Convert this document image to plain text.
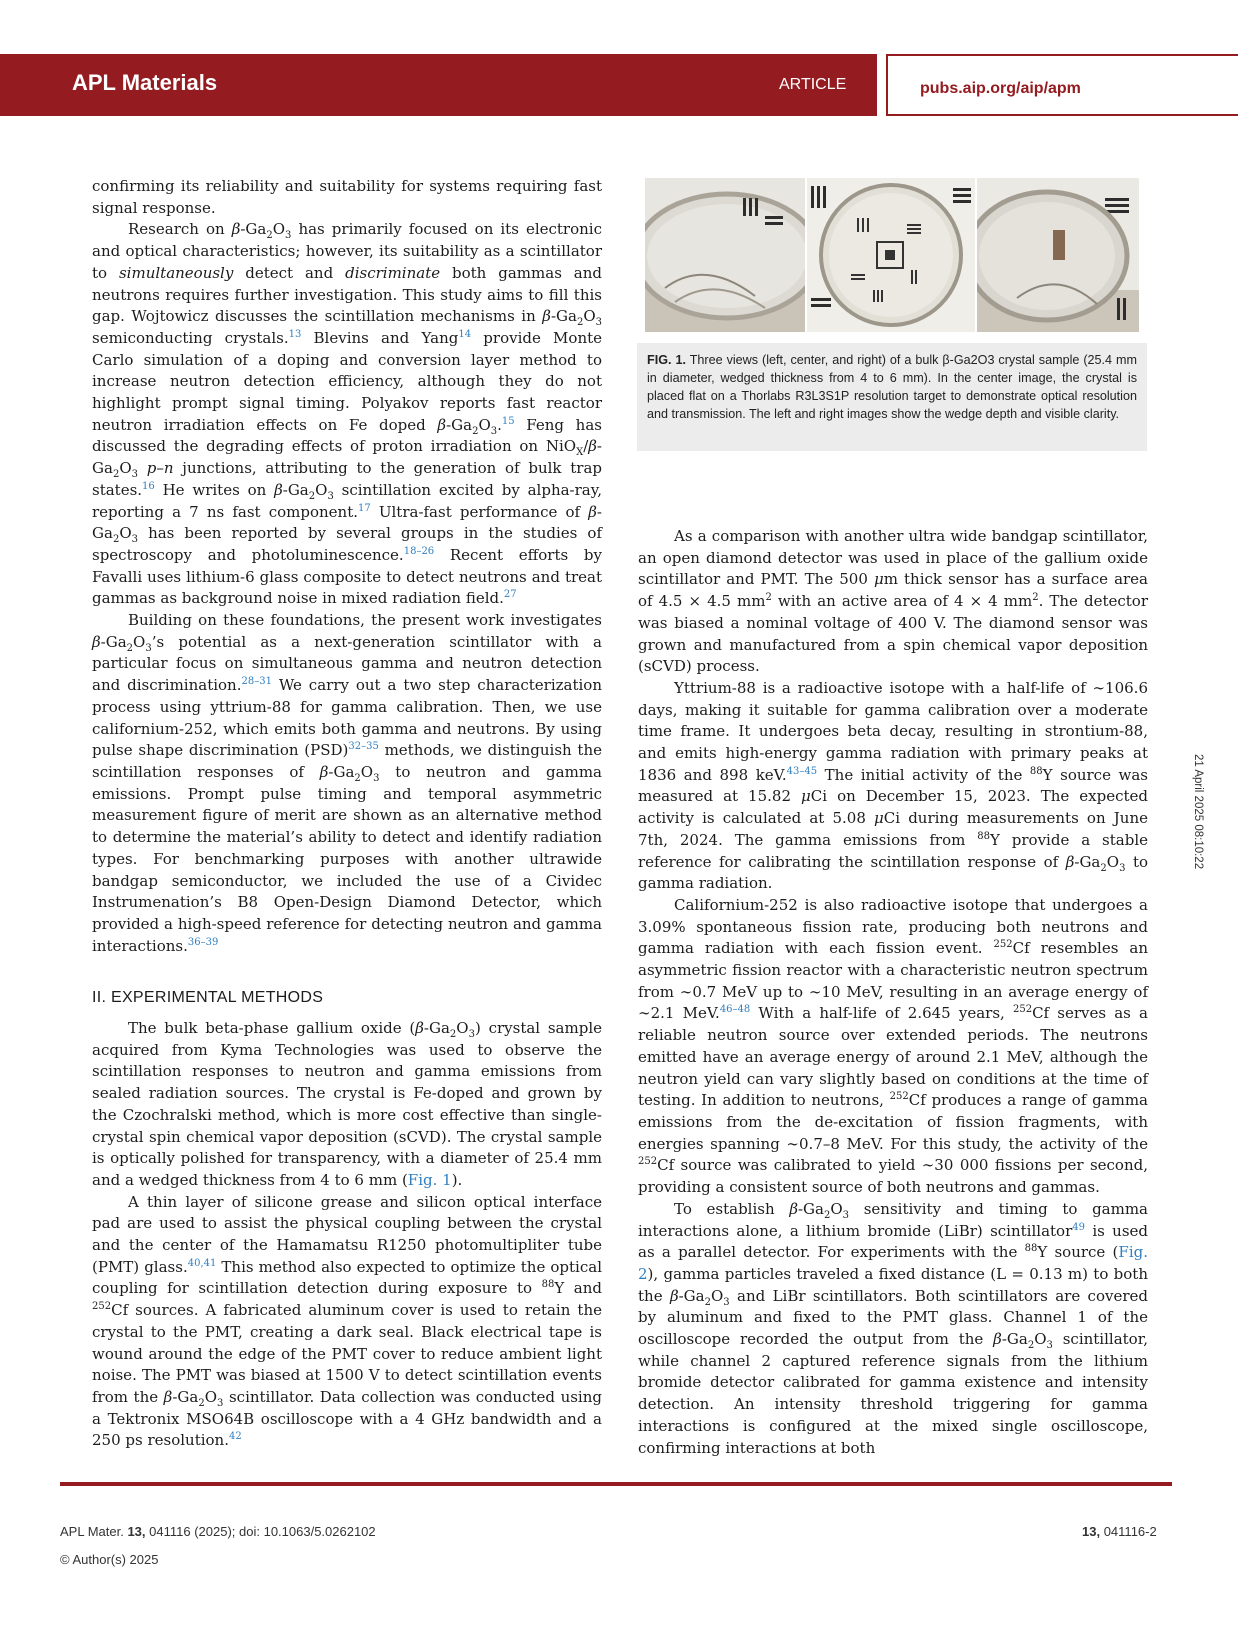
APL Materials	ARTICLE	pubs.aip.org/aip/apm

confirming its reliability and suitability for systems requiring fast signal response.

Research on $\beta-Ga_2O_3$ has primarily focused on its electronic and optical characteristics; however, its suitability as a scintillator to simultaneously detect and discriminate both gammas and neutrons requires further investigation. This study aims to fill this gap. Wojtowicz discusses the scintillation mechanisms in $\beta-Ga_2O_3$ semiconducting crystals.$^{13}$ Blevins and Yang$^{14}$ provide Monte Carlo simulation of a doping and conversion layer method to increase neutron detection efficiency, although they do not highlight prompt signal timing. Polyakov reports fast reactor neutron irradiation effects on Fe doped $\beta-Ga_2O_3.^{15}$ Feng has discussed the degrading effects of proton irradiation on $NiO_X/\beta-Ga_2O_3$ p–n junctions, attributing to the generation of bulk trap states.$^{16}$ He writes on $\beta-Ga_2O_3$ scintillation excited by alpha-ray, reporting a 7 ns fast component.$^{17}$ Ultra-fast performance of $\beta-Ga_2O_3$ has been reported by several groups in the studies of spectroscopy and photoluminescence.$^{18-26}$ Recent efforts by Favalli uses lithium-6 glass composite to detect neutrons and treat gammas as background noise in mixed radiation field.$^{27}$

Building on these foundations, the present work investigates $\beta-Ga_2O_3’s$ potential as a next-generation scintillator with a particular focus on simultaneous gamma and neutron detection and discrimination.$^{28-31}$ We carry out a two step characterization process using yttrium-88 for gamma calibration. Then, we use californium-252, which emits both gamma and neutrons. By using pulse shape discrimination (PSD)$^{32-35}$ methods, we distinguish the scintillation responses of $\beta-Ga_2O_3$ to neutron and gamma emissions. Prompt pulse timing and temporal asymmetric measurement figure of merit are shown as an alternative method to determine the material’s ability to detect and identify radiation types. For benchmarking purposes with another ultrawide bandgap semiconductor, we included the use of a Cividec Instrumenation’s B8 Open-Design Diamond Detector, which provided a high-speed reference for detecting neutron and gamma interactions.$^{36-39}$

II. EXPERIMENTAL METHODS

The bulk beta-phase gallium oxide $(\beta-Ga_2O_3)$ crystal sample acquired from Kyma Technologies was used to observe the scintillation responses to neutron and gamma emissions from sealed radiation sources. The crystal is Fe-doped and grown by the Czochralski method, which is more cost effective than single-crystal spin chemical vapor deposition (sCVD). The crystal sample is optically polished for transparency, with a diameter of 25.4 mm and a wedged thickness from 4 to 6 mm (Fig. 1).

A thin layer of silicone grease and silicon optical interface pad are used to assist the physical coupling between the crystal and the center of the Hamamatsu R1250 photomultipliter tube (PMT) glass.$^{40,41}$ This method also expected to optimize the optical coupling for scintillation detection during exposure to $^{88}$Y and $^{252}$Cf sources. A fabricated aluminum cover is used to retain the crystal to the PMT, creating a dark seal. Black electrical tape is wound around the edge of the PMT cover to reduce ambient light noise. The PMT was biased at 1500 V to detect scintillation events from the $\beta-Ga_2O_3$ scintillator. Data collection was conducted using a Tektronix MSO64B oscilloscope with a 4 GHz bandwidth and a 250 ps resolution.$^{42}$

FIG. 1. Three views (left, center, and right) of a bulk β-Ga2O3 crystal sample (25.4 mm in diameter, wedged thickness from 4 to 6 mm). In the center image, the crystal is placed flat on a Thorlabs R3L3S1P resolution target to demonstrate optical resolution and transmission. The left and right images show the wedge depth and visible clarity.

As a comparison with another ultra wide bandgap scintillator, an open diamond detector was used in place of the gallium oxide scintillator and PMT. The 500 μm thick sensor has a surface area of 4.5 × 4.5 $mm^2$ with an active area of 4 × 4 $mm^2$. The detector was biased a nominal voltage of 400 V. The diamond sensor was grown and manufactured from a spin chemical vapor deposition (sCVD) process.

Yttrium-88 is a radioactive isotope with a half-life of ∼106.6 days, making it suitable for gamma calibration over a moderate time frame. It undergoes beta decay, resulting in strontium-88, and emits high-energy gamma radiation with primary peaks at 1836 and 898 keV.$^{43-45}$ The initial activity of the $^{88}$Y source was measured at 15.82 μCi on December 15, 2023. The expected activity is calculated at 5.08 μCi during measurements on June 7th, 2024. The gamma emissions from $^{88}$Y provide a stable reference for calibrating the scintillation response of $\beta-Ga_2O_3$ to gamma radiation.

Californium-252 is also radioactive isotope that undergoes a 3.09% spontaneous fission rate, producing both neutrons and gamma radiation with each fission event. $^{252}$Cf resembles an asymmetric fission reactor with a characteristic neutron spectrum from ∼0.7 MeV up to ∼10 MeV, resulting in an average energy of ∼2.1 MeV.$^{46-48}$ With a half-life of 2.645 years, $^{252}$Cf serves as a reliable neutron source over extended periods. The neutrons emitted have an average energy of around 2.1 MeV, although the neutron yield can vary slightly based on conditions at the time of testing. In addition to neutrons, $^{252}$Cf produces a range of gamma emissions from the de-excitation of fission fragments, with energies spanning ∼0.7–8 MeV. For this study, the activity of the $^{252}$Cf source was calibrated to yield ∼30 000 fissions per second, providing a consistent source of both neutrons and gammas.

To establish $\beta-Ga_2O_3$ sensitivity and timing to gamma interactions alone, a lithium bromide (LiBr) scintillator$^{49}$ is used as a parallel detector. For experiments with the $^{88}$Y source (Fig. 2), gamma particles traveled a fixed distance (L = 0.13 m) to both the $\beta-Ga_2O_3$ and LiBr scintillators. Both scintillators are covered by aluminum and fixed to the PMT glass. Channel 1 of the oscilloscope recorded the output from the $\beta-Ga_2O_3$ scintillator, while channel 2 captured reference signals from the lithium bromide detector calibrated for gamma existence and intensity detection. An intensity threshold triggering for gamma interactions is configured at the mixed single oscilloscope, confirming interactions at both

21 April 2025 08:10:22
APL Mater. 13, 041116 (2025); doi: 10.1063/5.0262102
© Author(s) 2025
13, 041116-2
